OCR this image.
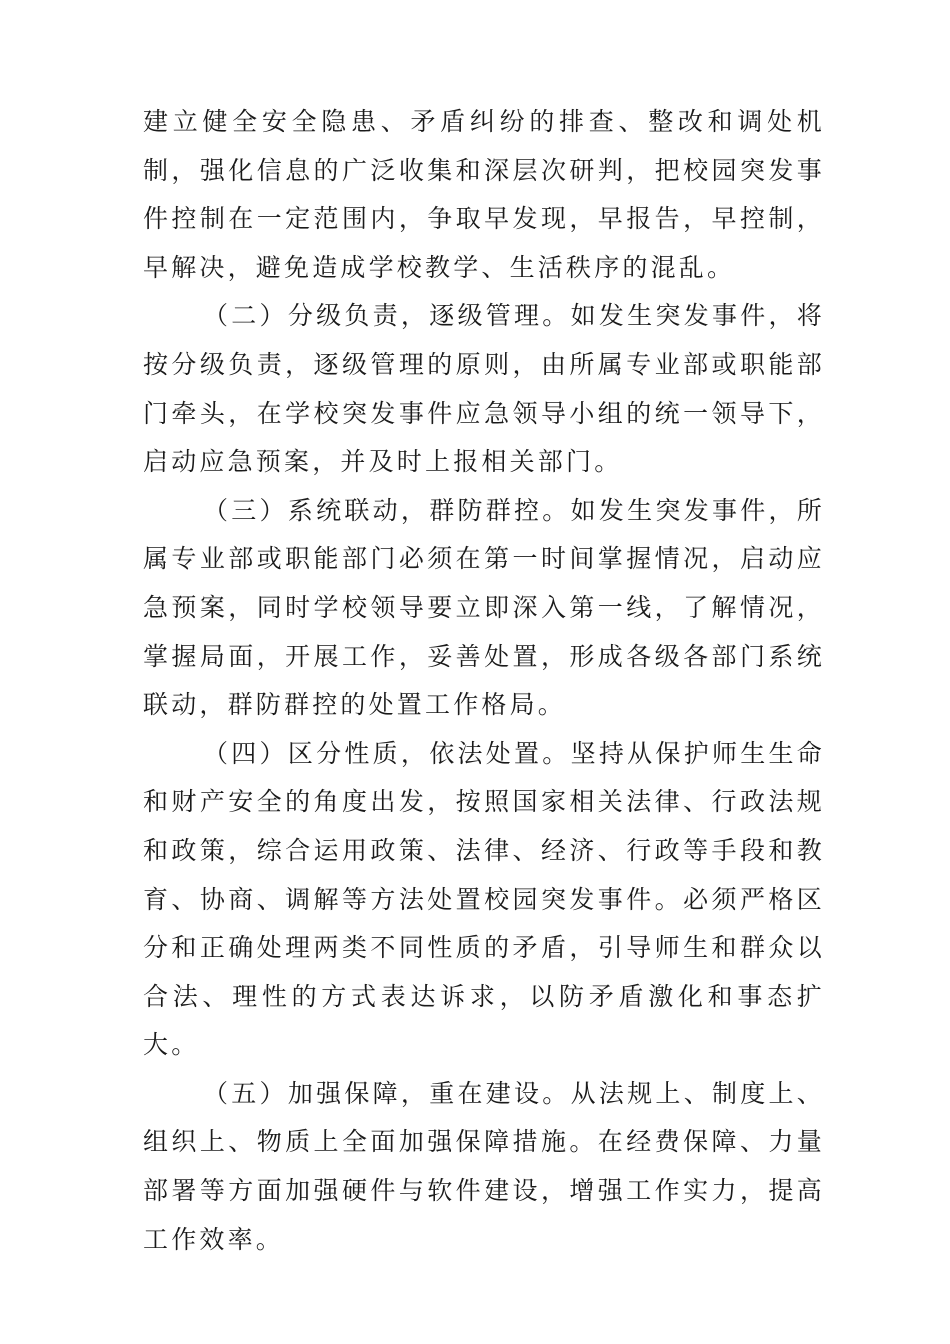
建立健全安全隐患、矛盾纠纷的排查、整改和调处机制，强化信息的广泛收集和深层次研判，把校园突发事件控制在一定范围内，争取早发现，早报告，早控制，早解决，避免造成学校教学、生活秩序的混乱。

（二）分级负责，逐级管理。如发生突发事件，将按分级负责，逐级管理的原则，由所属专业部或职能部门牵头，在学校突发事件应急领导小组的统一领导下，启动应急预案，并及时上报相关部门。

（三）系统联动，群防群控。如发生突发事件，所属专业部或职能部门必须在第一时间掌握情况，启动应急预案，同时学校领导要立即深入第一线，了解情况，掌握局面，开展工作，妥善处置，形成各级各部门系统联动，群防群控的处置工作格局。

（四）区分性质，依法处置。坚持从保护师生生命和财产安全的角度出发，按照国家相关法律、行政法规和政策，综合运用政策、法律、经济、行政等手段和教育、协商、调解等方法处置校园突发事件。必须严格区分和正确处理两类不同性质的矛盾，引导师生和群众以合法、理性的方式表达诉求，以防矛盾激化和事态扩大。

（五）加强保障，重在建设。从法规上、制度上、组织上、物质上全面加强保障措施。在经费保障、力量部署等方面加强硬件与软件建设，增强工作实力，提高工作效率。
